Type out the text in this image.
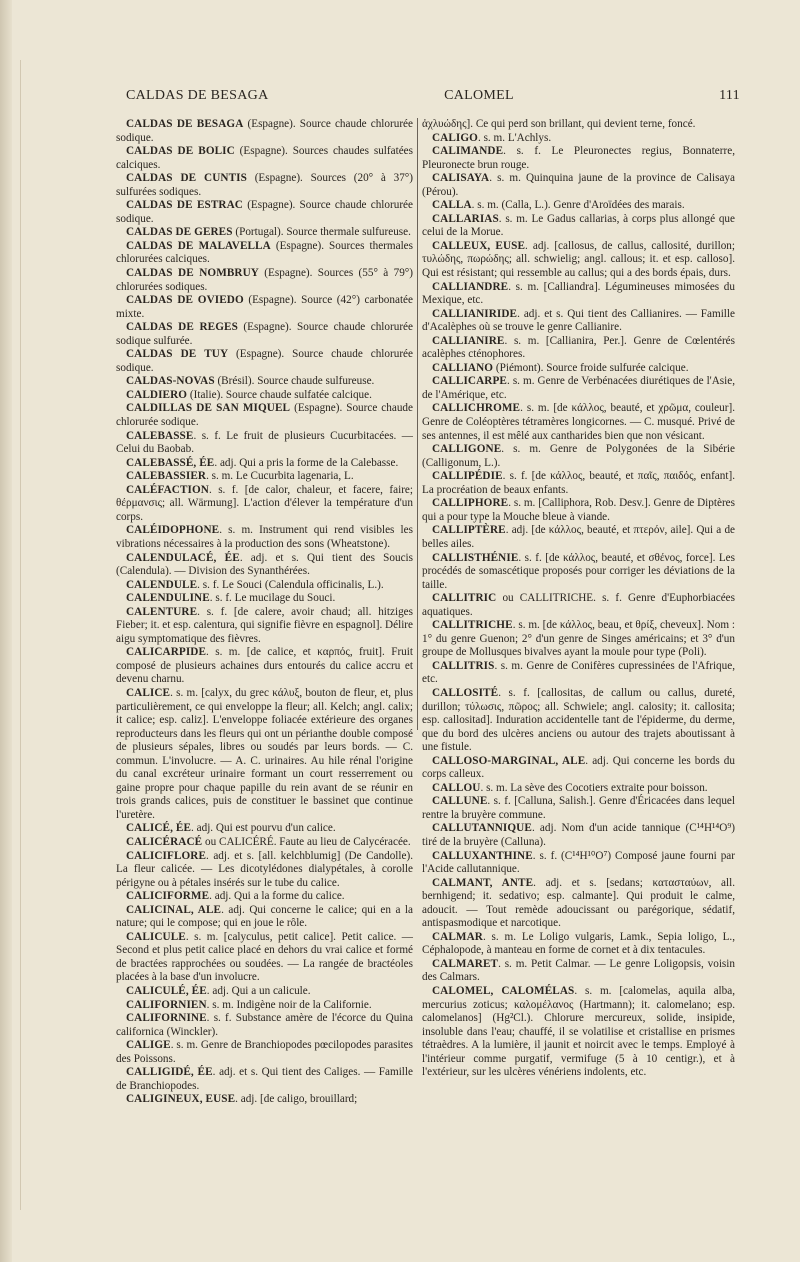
CALDAS DE BESAGA	CALOMEL	111

CALDAS DE BESAGA (Espagne). Source chaude chlorurée sodique.

CALDAS DE BOLIC (Espagne). Sources chaudes sulfatées calciques.

CALDAS DE CUNTIS (Espagne). Sources (20° à 37°) sulfurées sodiques.

CALDAS DE ESTRAC (Espagne). Source chaude chlorurée sodique.

CALDAS DE GERES (Portugal). Source thermale sulfureuse.

CALDAS DE MALAVELLA (Espagne). Sources thermales chlorurées calciques.

CALDAS DE NOMBRUY (Espagne). Sources (55° à 79°) chlorurées sodiques.

CALDAS DE OVIEDO (Espagne). Source (42°) carbonatée mixte.

CALDAS DE REGES (Espagne). Source chaude chlorurée sodique sulfurée.

CALDAS DE TUY (Espagne). Source chaude chlorurée sodique.

CALDAS-NOVAS (Brésil). Source chaude sulfureuse.

CALDIERO (Italie). Source chaude sulfatée calcique.

CALDILLAS DE SAN MIQUEL (Espagne). Source chaude chlorurée sodique.

CALEBASSE. s. f. Le fruit de plusieurs Cucurbitacées. — Celui du Baobab.

CALEBASSÉ, ÉE. adj. Qui a pris la forme de la Calebasse.

CALEBASSIER. s. m. Le Cucurbita lagenaria, L.

CALÉFACTION. s. f. [de calor, chaleur, et facere, faire; θέρμανσις; all. Wärmung]. L'action d'élever la température d'un corps.

CALÉIDOPHONE. s. m. Instrument qui rend visibles les vibrations nécessaires à la production des sons (Wheatstone).

CALENDULACÉ, ÉE. adj. et s. Qui tient des Soucis (Calendula). — Division des Synanthérées.

CALENDULE. s. f. Le Souci (Calendula officinalis, L.).

CALENDULINE. s. f. Le mucilage du Souci.

CALENTURE. s. f. [de calere, avoir chaud; all. hitziges Fieber; it. et esp. calentura, qui signifie fièvre en espagnol]. Délire aigu symptomatique des fièvres.

CALICARPIDE. s. m. [de calice, et καρπός, fruit]. Fruit composé de plusieurs achaines durs entourés du calice accru et devenu charnu.

CALICE. s. m. [calyx, du grec κάλυξ, bouton de fleur, et, plus particulièrement, ce qui enveloppe la fleur; all. Kelch; angl. calix; it calice; esp. caliz]. L'enveloppe foliacée extérieure des organes reproducteurs dans les fleurs qui ont un périanthe double composé de plusieurs sépales, libres ou soudés par leurs bords. — C. commun. L'involucre. — A. C. urinaires. Au hile rénal l'origine du canal excréteur urinaire formant un court resserrement ou gaine propre pour chaque papille du rein avant de se réunir en trois grands calices, puis de constituer le bassinet que continue l'uretère.

CALICÉ, ÉE. adj. Qui est pourvu d'un calice.

CALICÉRACÉ ou CALICÉRÉ. Faute au lieu de Calycéracée.

CALICIFLORE. adj. et s. [all. kelchblumig] (De Candolle). La fleur calicée. — Les dicotylédones dialypétales, à corolle périgyne ou à pétales insérés sur le tube du calice.

CALICIFORME. adj. Qui a la forme du calice.

CALICINAL, ALE. adj. Qui concerne le calice; qui en a la nature; qui le compose; qui en joue le rôle.

CALICULE. s. m. [calyculus, petit calice]. Petit calice. — Second et plus petit calice placé en dehors du vrai calice et formé de bractées rapprochées ou soudées. — La rangée de bractéoles placées à la base d'un involucre.

CALICULÉ, ÉE. adj. Qui a un calicule.

CALIFORNIEN. s. m. Indigène noir de la Californie.

CALIFORNINE. s. f. Substance amère de l'écorce du Quina californica (Winckler).

CALIGE. s. m. Genre de Branchiopodes pœcilopodes parasites des Poissons.

CALLIGIDÉ, ÉE. adj. et s. Qui tient des Caliges. — Famille de Branchiopodes.

CALIGINEUX, EUSE. adj. [de caligo, brouillard;

ἀχλυώδης]. Ce qui perd son brillant, qui devient terne, foncé.

CALIGO. s. m. L'Achlys.

CALIMANDE. s. f. Le Pleuronectes regius, Bonnaterre, Pleuronecte brun rouge.

CALISAYA. s. m. Quinquina jaune de la province de Calisaya (Pérou).

CALLA. s. m. (Calla, L.). Genre d'Aroïdées des marais.

CALLARIAS. s. m. Le Gadus callarias, à corps plus allongé que celui de la Morue.

CALLEUX, EUSE. adj. [callosus, de callus, callosité, durillon; τυλώδης, πωρώδης; all. schwielig; angl. callous; it. et esp. calloso]. Qui est résistant; qui ressemble au callus; qui a des bords épais, durs.

CALLIANDRE. s. m. [Calliandra]. Légumineuses mimosées du Mexique, etc.

CALLIANIRIDE. adj. et s. Qui tient des Callianires. — Famille d'Acalèphes où se trouve le genre Callianire.

CALLIANIRE. s. m. [Callianira, Per.]. Genre de Cœlentérés acalèphes cténophores.

CALLIANO (Piémont). Source froide sulfurée calcique.

CALLICARPE. s. m. Genre de Verbénacées diurétiques de l'Asie, de l'Amérique, etc.

CALLICHROME. s. m. [de κάλλος, beauté, et χρῶμα, couleur]. Genre de Coléoptères tétramères longicornes. — C. musqué. Privé de ses antennes, il est mêlé aux cantharides bien que non vésicant.

CALLIGONE. s. m. Genre de Polygonées de la Sibérie (Calligonum, L.).

CALLIPÉDIE. s. f. [de κάλλος, beauté, et παῖς, παιδός, enfant]. La procréation de beaux enfants.

CALLIPHORE. s. m. [Calliphora, Rob. Desv.]. Genre de Diptères qui a pour type la Mouche bleue à viande.

CALLIPTÈRE. adj. [de κάλλος, beauté, et πτερόν, aile]. Qui a de belles ailes.

CALLISTHÉNIE. s. f. [de κάλλος, beauté, et σθένος, force]. Les procédés de somascétique proposés pour corriger les déviations de la taille.

CALLITRIC ou CALLITRICHE. s. f. Genre d'Euphorbiacées aquatiques.

CALLITRICHE. s. m. [de κάλλος, beau, et θρίξ, cheveux]. Nom : 1° du genre Guenon; 2° d'un genre de Singes américains; et 3° d'un groupe de Mollusques bivalves ayant la moule pour type (Poli).

CALLITRIS. s. m. Genre de Conifères cupressinées de l'Afrique, etc.

CALLOSITÉ. s. f. [callositas, de callum ou callus, dureté, durillon; τύλωσις, πῶρος; all. Schwiele; angl. calosity; it. callosita; esp. callositad]. Induration accidentelle tant de l'épiderme, du derme, que du bord des ulcères anciens ou autour des trajets aboutissant à une fistule.

CALLOSO-MARGINAL, ALE. adj. Qui concerne les bords du corps calleux.

CALLOU. s. m. La sève des Cocotiers extraite pour boisson.

CALLUNE. s. f. [Calluna, Salish.]. Genre d'Éricacées dans lequel rentre la bruyère commune.

CALLUTANNIQUE. adj. Nom d'un acide tannique (C¹⁴H¹⁴O⁹) tiré de la bruyère (Calluna).

CALLUXANTHINE. s. f. (C¹⁴H¹⁰O⁷) Composé jaune fourni par l'Acide callutannique.

CALMANT, ANTE. adj. et s. [sedans; κατασταύων, all. bernhigend; it. sedativo; esp. calmante]. Qui produit le calme, adoucit. — Tout remède adoucissant ou parégorique, sédatif, antispasmodique et narcotique.

CALMAR. s. m. Le Loligo vulgaris, Lamk., Sepia loligo, L., Céphalopode, à manteau en forme de cornet et à dix tentacules.

CALMARET. s. m. Petit Calmar. — Le genre Loligopsis, voisin des Calmars.

CALOMEL, CALOMÉLAS. s. m. [calomelas, aquila alba, mercurius zoticus; καλομέλανος (Hartmann); it. calomelano; esp. calomelanos] (Hg²Cl.). Chlorure mercureux, solide, insipide, insoluble dans l'eau; chauffé, il se volatilise et cristallise en prismes tétraèdres. A la lumière, il jaunit et noircit avec le temps. Employé à l'intérieur comme purgatif, vermifuge (5 à 10 centigr.), et à l'extérieur, sur les ulcères vénériens indolents, etc.
